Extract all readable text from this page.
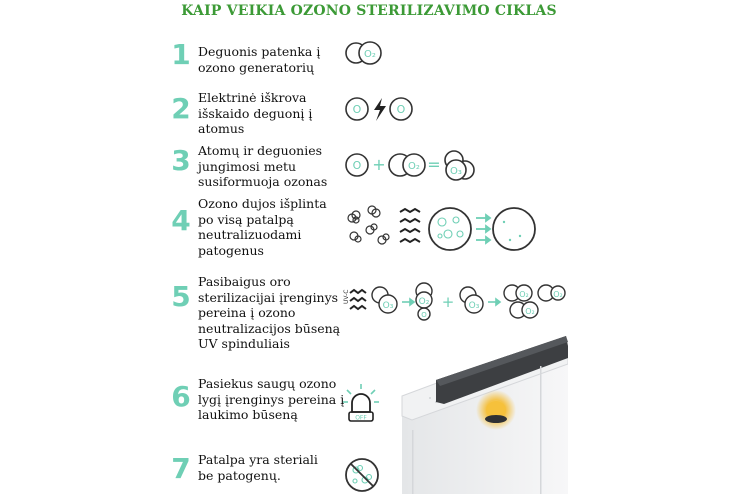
KAIP VEIKIA OZONO STERILIZAVIMO CIKLAS
1 Deguonis patenka į
ozono generatorių
O₂
2 Elektrinė iškrova
išskaido deguonį į
atomus
O	O
3 Atomų ir deguonies
jungimosi metu
susiformuoja ozonas
O + O₂ = O₃
4
Ozono dujos išplinta
po visą patalpą
neutralizuodami
patogenus
5 Pasibaigus oro
sterilizacijai įrenginys
pereina į ozono
neutralizacijos būseną
UV spinduliais
UV-C
O₃	O₂
O
+ O₃
O₂	O₂
O₂
6 Pasiekus saugų ozono
lygį įrenginys pereina į
laukimo būseną	OFF
7 Patalpa yra steriali
be patogenų.
